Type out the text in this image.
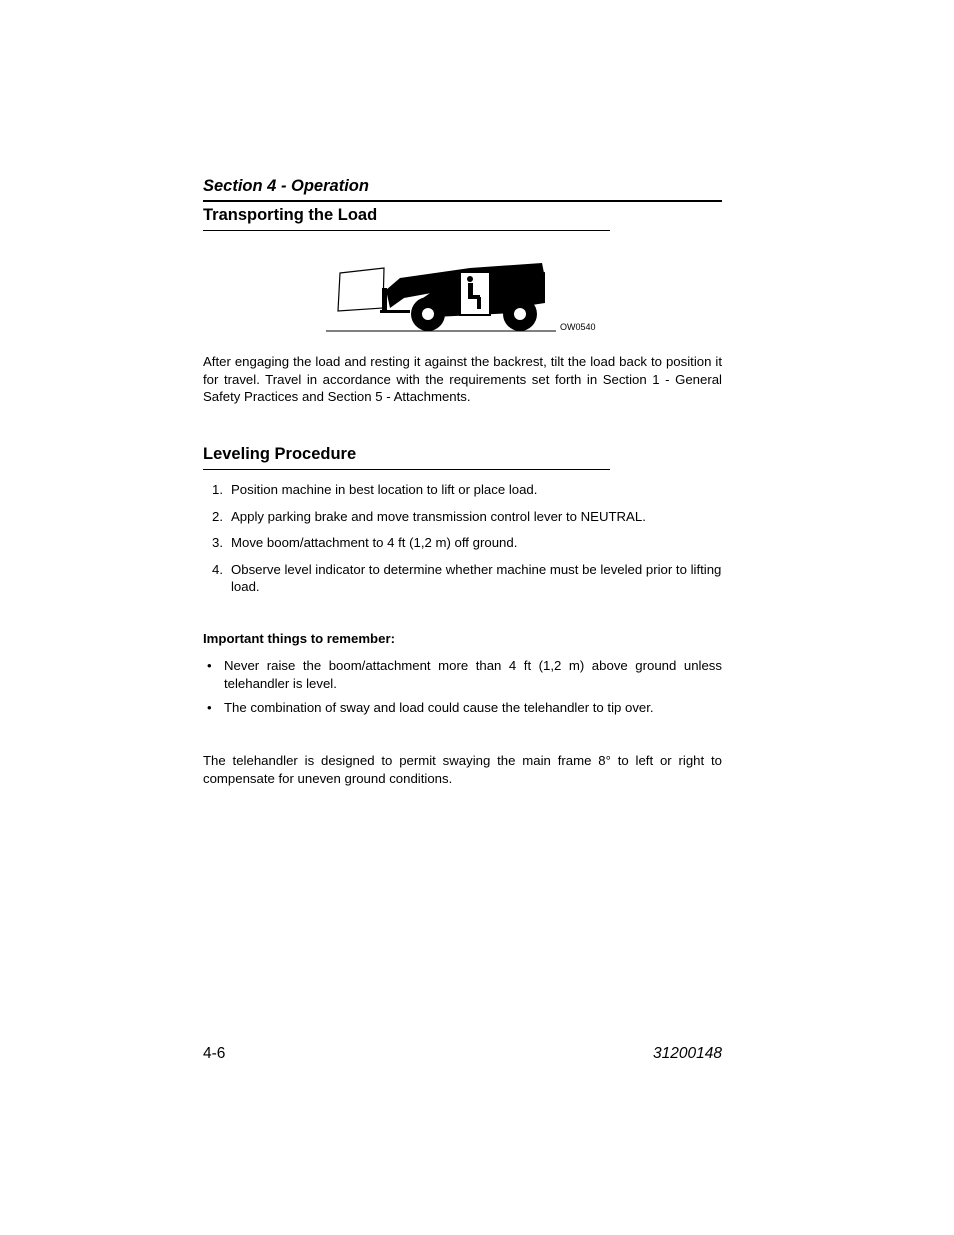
Section 4 - Operation
Transporting the Load
OW0540

After engaging the load and resting it against the backrest, tilt the load back to position it for travel. Travel in accordance with the requirements set forth in Section 1 - General Safety Practices and Section 5 - Attachments.

Leveling Procedure
1. Position machine in best location to lift or place load.
2. Apply parking brake and move transmission control lever to NEUTRAL.
3. Move boom/attachment to 4 ft (1,2 m) off ground.
4. Observe level indicator to determine whether machine must be leveled prior to lifting load.
Important things to remember:
• Never raise the boom/attachment more than 4 ft (1,2 m) above ground unless telehandler is level.
• The combination of sway and load could cause the telehandler to tip over.

The telehandler is designed to permit swaying the main frame 8° to left or right to compensate for uneven ground conditions.

4-6	31200148
